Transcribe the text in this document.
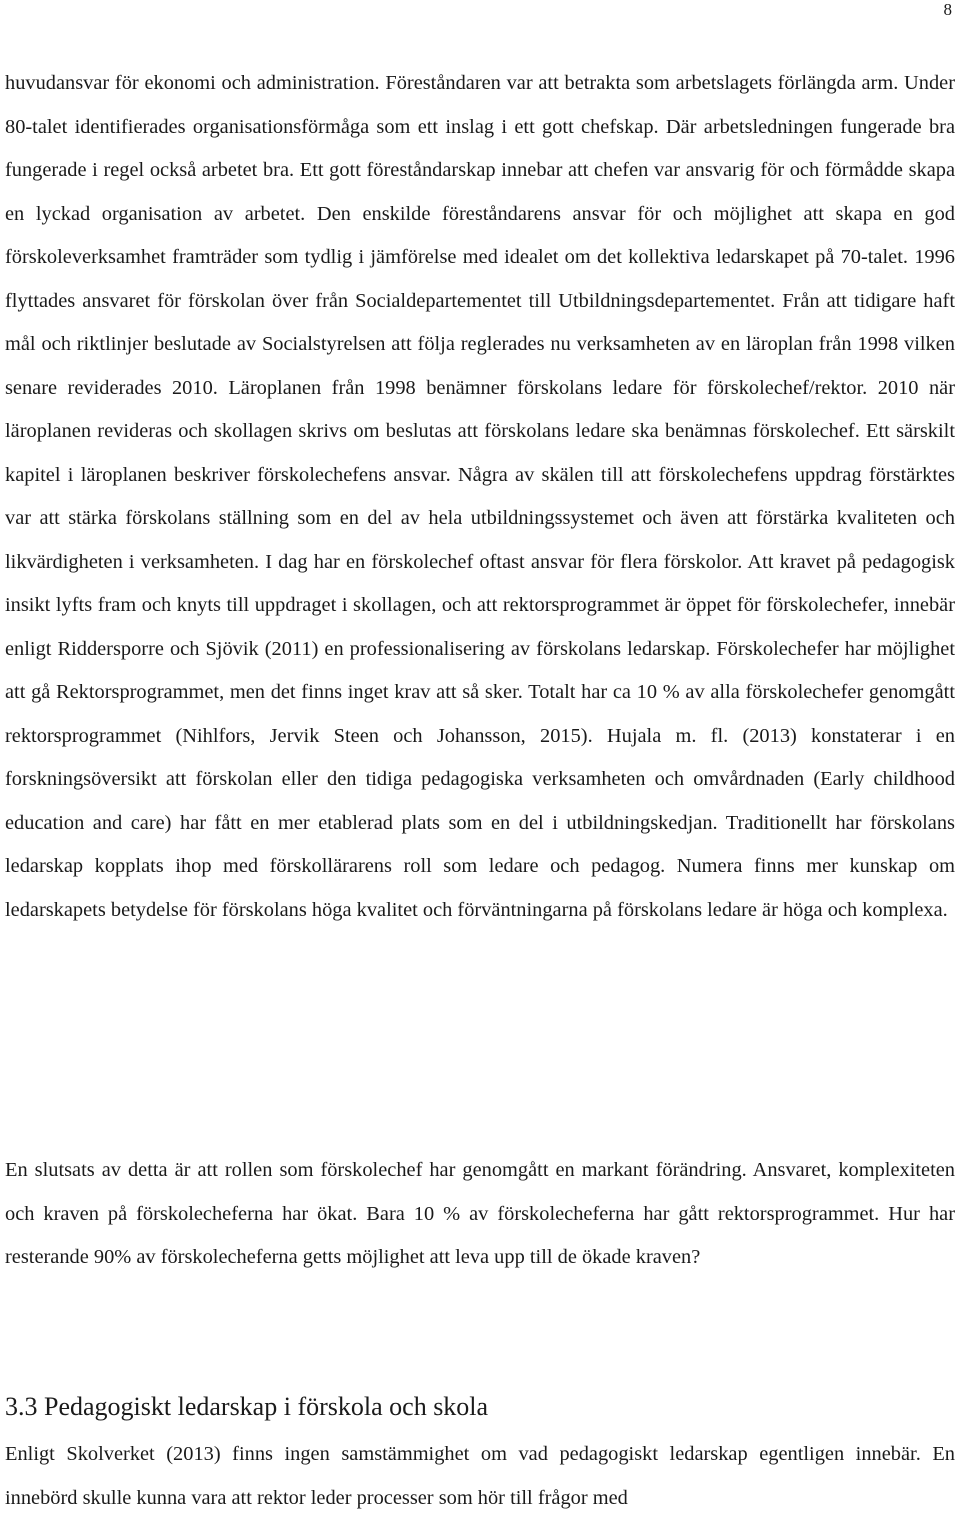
8

huvudansvar för ekonomi och administration. Föreståndaren var att betrakta som arbetslagets förlängda arm. Under 80-talet identifierades organisationsförmåga som ett inslag i ett gott chefskap. Där arbetsledningen fungerade bra fungerade i regel också arbetet bra. Ett gott föreståndarskap innebar att chefen var ansvarig för och förmådde skapa en lyckad organisation av arbetet. Den enskilde föreståndarens ansvar för och möjlighet att skapa en god förskoleverksamhet framträder som tydlig i jämförelse med idealet om det kollektiva ledarskapet på 70-talet. 1996 flyttades ansvaret för förskolan över från Socialdepartementet till Utbildningsdepartementet. Från att tidigare haft mål och riktlinjer beslutade av Socialstyrelsen att följa reglerades nu verksamheten av en läroplan från 1998 vilken senare reviderades 2010. Läroplanen från 1998 benämner förskolans ledare för förskolechef/rektor. 2010 när läroplanen revideras och skollagen skrivs om beslutas att förskolans ledare ska benämnas förskolechef. Ett särskilt kapitel i läroplanen beskriver förskolechefens ansvar. Några av skälen till att förskolechefens uppdrag förstärktes var att stärka förskolans ställning som en del av hela utbildningssystemet och även att förstärka kvaliteten och likvärdigheten i verksamheten. I dag har en förskolechef oftast ansvar för flera förskolor. Att kravet på pedagogisk insikt lyfts fram och knyts till uppdraget i skollagen, och att rektorsprogrammet är öppet för förskolechefer, innebär enligt Riddersporre och Sjövik (2011) en professionalisering av förskolans ledarskap. Förskolechefer har möjlighet att gå Rektorsprogrammet, men det finns inget krav att så sker. Totalt har ca 10 % av alla förskolechefer genomgått rektorsprogrammet (Nihlfors, Jervik Steen och Johansson, 2015). Hujala m. fl. (2013) konstaterar i en forskningsöversikt att förskolan eller den tidiga pedagogiska verksamheten och omvårdnaden (Early childhood education and care) har fått en mer etablerad plats som en del i utbildningskedjan. Traditionellt har förskolans ledarskap kopplats ihop med förskollärarens roll som ledare och pedagog. Numera finns mer kunskap om ledarskapets betydelse för förskolans höga kvalitet och förväntningarna på förskolans ledare är höga och komplexa.

En slutsats av detta är att rollen som förskolechef har genomgått en markant förändring. Ansvaret, komplexiteten och kraven på förskolecheferna har ökat. Bara 10 % av förskolecheferna har gått rektorsprogrammet. Hur har resterande 90% av förskolecheferna getts möjlighet att leva upp till de ökade kraven?

3.3 Pedagogiskt ledarskap i förskola och skola

Enligt Skolverket (2013) finns ingen samstämmighet om vad pedagogiskt ledarskap egentligen innebär. En innebörd skulle kunna vara att rektor leder processer som hör till frågor med
